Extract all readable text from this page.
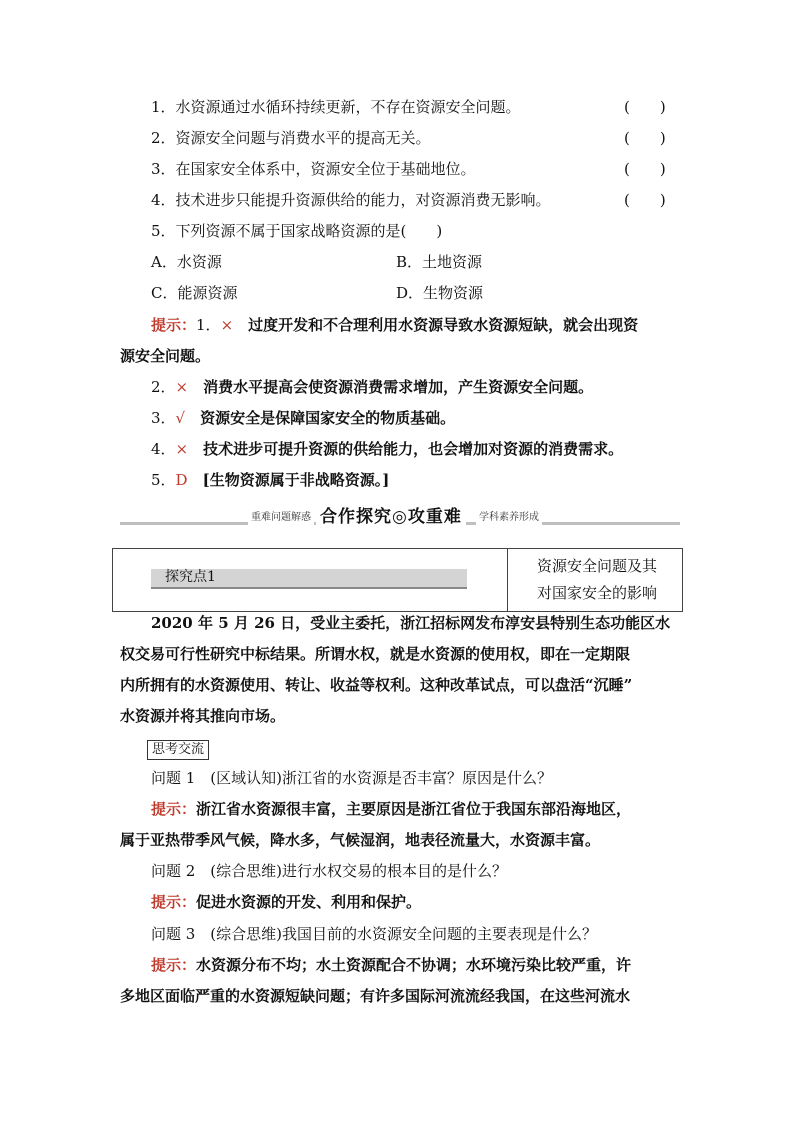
1．水资源通过水循环持续更新，不存在资源安全问题。	(　　)
2．资源安全问题与消费水平的提高无关。	(　　)
3．在国家安全体系中，资源安全位于基础地位。	(　　)
4．技术进步只能提升资源供给的能力，对资源消费无影响。	(　　)
5．下列资源不属于国家战略资源的是(　　)
A．水资源	B．土地资源
C．能源资源	D．生物资源
提示：1．×　 过度开发和不合理利用水资源导致水资源短缺，就会出现资
源安全问题。
2．×　 消费水平提高会使资源消费需求增加，产生资源安全问题。
3．√　 资源安全是保障国家安全的物质基础。
4．×　 技术进步可提升资源的供给能力，也会增加对资源的消费需求。
5．D　 [生物资源属于非战略资源。]
重难问题解惑 合作探究◎攻重难	学科素养形成
探究点1
资源安全问题及其
对国家安全的影响
2020 年 5 月 26 日，受业主委托，浙江招标网发布淳安县特别生态功能区水
权交易可行性研究中标结果。所谓水权，就是水资源的使用权，即在一定期限
内所拥有的水资源使用、转让、收益等权利。这种改革试点，可以盘活“沉睡”
水资源并将其推向市场。
思考交流
问题 1　(区域认知)浙江省的水资源是否丰富？原因是什么？
提示：浙江省水资源很丰富，主要原因是浙江省位于我国东部沿海地区，
属于亚热带季风气候，降水多，气候湿润，地表径流量大，水资源丰富。
问题 2　(综合思维)进行水权交易的根本目的是什么？
提示：促进水资源的开发、利用和保护。
问题 3　(综合思维)我国目前的水资源安全问题的主要表现是什么？
提示：水资源分布不均；水土资源配合不协调；水环境污染比较严重，许
多地区面临严重的水资源短缺问题；有许多国际河流流经我国，在这些河流水
